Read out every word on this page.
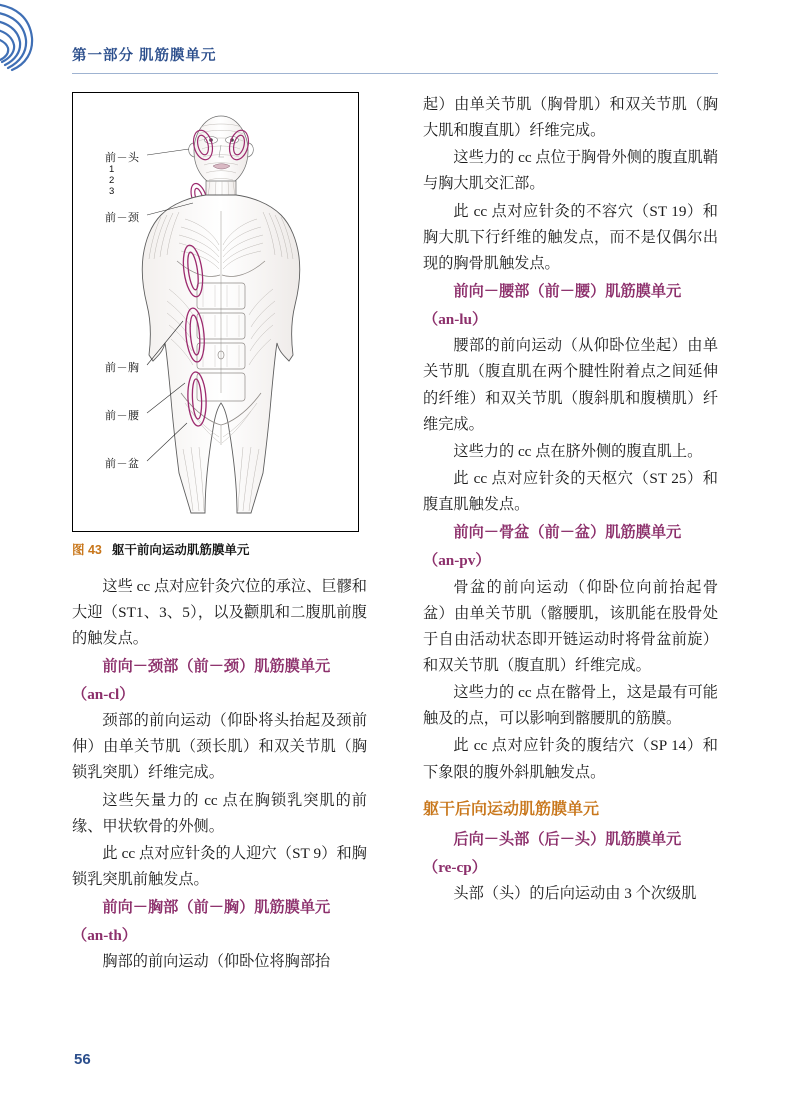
第一部分 肌筋膜单元
1
2
3
前－头
前－颈
前－胸
前－腰
前－盆
图 43 躯干前向运动肌筋膜单元

这些 cc 点对应针灸穴位的承泣、巨髎和大迎（ST1、3、5），以及颧肌和二腹肌前腹的触发点。

前向－颈部（前－颈）肌筋膜单元

（an-cl）

颈部的前向运动（仰卧将头抬起及颈前伸）由单关节肌（颈长肌）和双关节肌（胸锁乳突肌）纤维完成。

这些矢量力的 cc 点在胸锁乳突肌的前缘、甲状软骨的外侧。

此 cc 点对应针灸的人迎穴（ST 9）和胸锁乳突肌前触发点。

前向－胸部（前－胸）肌筋膜单元

（an-th）

胸部的前向运动（仰卧位将胸部抬

起）由单关节肌（胸骨肌）和双关节肌（胸大肌和腹直肌）纤维完成。

这些力的 cc 点位于胸骨外侧的腹直肌鞘与胸大肌交汇部。

此 cc 点对应针灸的不容穴（ST 19）和胸大肌下行纤维的触发点，而不是仅偶尔出现的胸骨肌触发点。

前向－腰部（前－腰）肌筋膜单元

（an-lu）

腰部的前向运动（从仰卧位坐起）由单关节肌（腹直肌在两个腱性附着点之间延伸的纤维）和双关节肌（腹斜肌和腹横肌）纤维完成。

这些力的 cc 点在脐外侧的腹直肌上。

此 cc 点对应针灸的天枢穴（ST 25）和腹直肌触发点。

前向－骨盆（前－盆）肌筋膜单元

（an-pv）

骨盆的前向运动（仰卧位向前抬起骨盆）由单关节肌（髂腰肌，该肌能在股骨处于自由活动状态即开链运动时将骨盆前旋）和双关节肌（腹直肌）纤维完成。

这些力的 cc 点在髂骨上，这是最有可能触及的点，可以影响到髂腰肌的筋膜。

此 cc 点对应针灸的腹结穴（SP 14）和下象限的腹外斜肌触发点。

躯干后向运动肌筋膜单元

后向－头部（后－头）肌筋膜单元

（re-cp）

头部（头）的后向运动由 3 个次级肌

56
